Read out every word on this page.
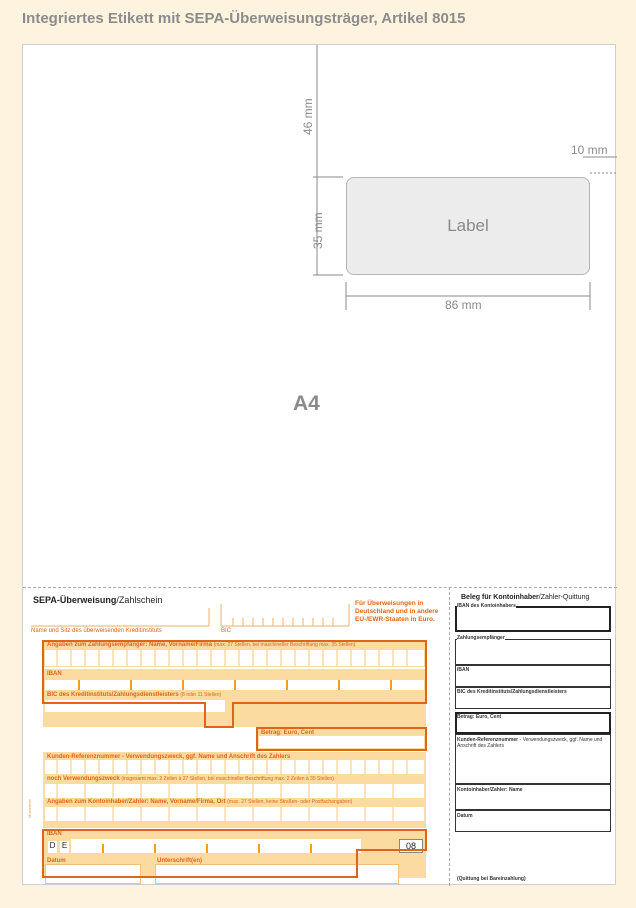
Integriertes Etikett mit SEPA-Überweisungsträger, Artikel 8015
46 mm
35 mm
86 mm
10 mm
Label
A4
SEPA-Überweisung/Zahlschein	Für Überweisungen in Deutschland und in andere EU-/EWR-Staaten in Euro.
Name und Sitz des überweisenden Kreditinstituts	BIC
Angaben zum Zahlungsempfänger: Name, Vorname/Firma (max. 27 Stellen, bei maschineller Beschriftung max. 35 Stellen)
IBAN
BIC des Kreditinstituts/Zahlungsdienstleisters (8 oder 11 Stellen)
Betrag: Euro, Cent
Kunden-Referenznummer - Verwendungszweck, ggf. Name und Anschrift des Zahlers
noch Verwendungszweck (insgesamt max. 2 Zeilen à 27 Stellen, bei maschineller Beschriftung max. 2 Zeilen à 35 Stellen)
Angaben zum Kontoinhaber/Zahler: Name, Vorname/Firma, Ort (max. 27 Stellen, keine Straßen- oder Postfachangaben)
IBAN
D E	08
Datum	Unterschrift(en)
Mustertext
Beleg für Kontoinhaber/Zahler-Quittung
IBAN des Kontoinhabers
Zahlungsempfänger
IBAN
BIC des Kreditinstituts/Zahlungsdienstleisters
Betrag: Euro, Cent
Kunden-Referenznummer - Verwendungszweck, ggf. Name und Anschrift des Zahlers
Kontoinhaber/Zahler: Name
Datum
(Quittung bei Bareinzahlung)
